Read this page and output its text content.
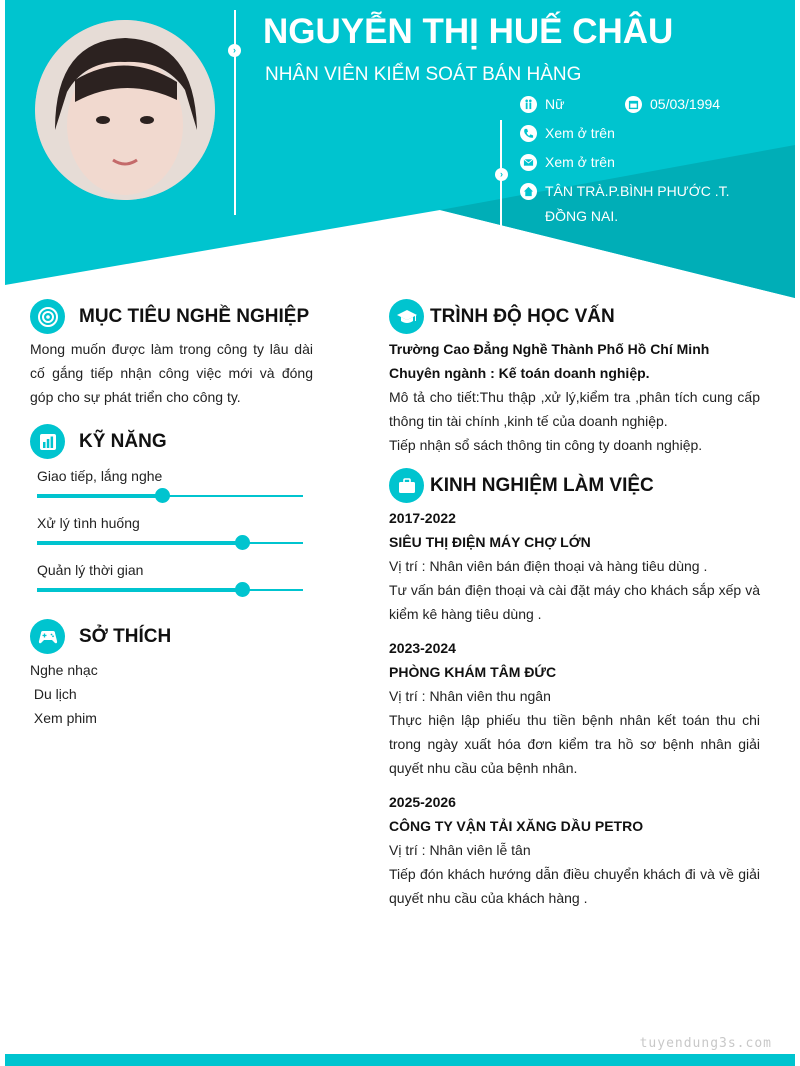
›
›
NGUYỄN THỊ HUẾ CHÂU
NHÂN VIÊN KIỂM SOÁT BÁN HÀNG
Nữ	05/03/1994
Xem ở trên
Xem ở trên
TÂN TRÀ.P.BÌNH PHƯỚC .T. ĐỒNG NAI.
MỤC TIÊU NGHỀ NGHIỆP
Mong muốn được làm trong công ty lâu dài cố gắng tiếp nhận công việc mới và đóng góp cho sự phát triển cho công ty.
KỸ NĂNG
Giao tiếp, lắng nghe
Xử lý tình huống
Quản lý thời gian
SỞ THÍCH
Nghe nhạc
Du lịch
Xem phim
TRÌNH ĐỘ HỌC VẤN
Trường Cao Đẳng Nghề Thành Phố Hồ Chí Minh
Chuyên ngành : Kế toán doanh nghiệp.
Mô tả cho tiết:Thu thập ,xử lý,kiểm tra ,phân tích cung cấp thông tin tài chính ,kinh tế của doanh nghiệp.
Tiếp nhận sổ sách thông tin công ty doanh nghiệp.
KINH NGHIỆM LÀM VIỆC
2017-2022
SIÊU THỊ ĐIỆN MÁY CHỢ LỚN
Vị trí : Nhân viên bán điện thoại và hàng tiêu dùng .
Tư vấn bán điện thoại và cài đặt máy cho khách sắp xếp và kiểm kê hàng tiêu dùng .
2023-2024
PHÒNG KHÁM TÂM ĐỨC
Vị trí : Nhân viên thu ngân
Thực hiện lập phiếu thu tiền bệnh nhân kết toán thu chi trong ngày xuất hóa đơn kiểm tra hồ sơ bệnh nhân giải quyết nhu cầu của bệnh nhân.
2025-2026
CÔNG TY VẬN TẢI XĂNG DẦU PETRO
Vị trí : Nhân viên lễ tân
Tiếp đón khách hướng dẫn điều chuyển khách đi và về giải quyết nhu cầu của khách hàng .
tuyendung3s.com
